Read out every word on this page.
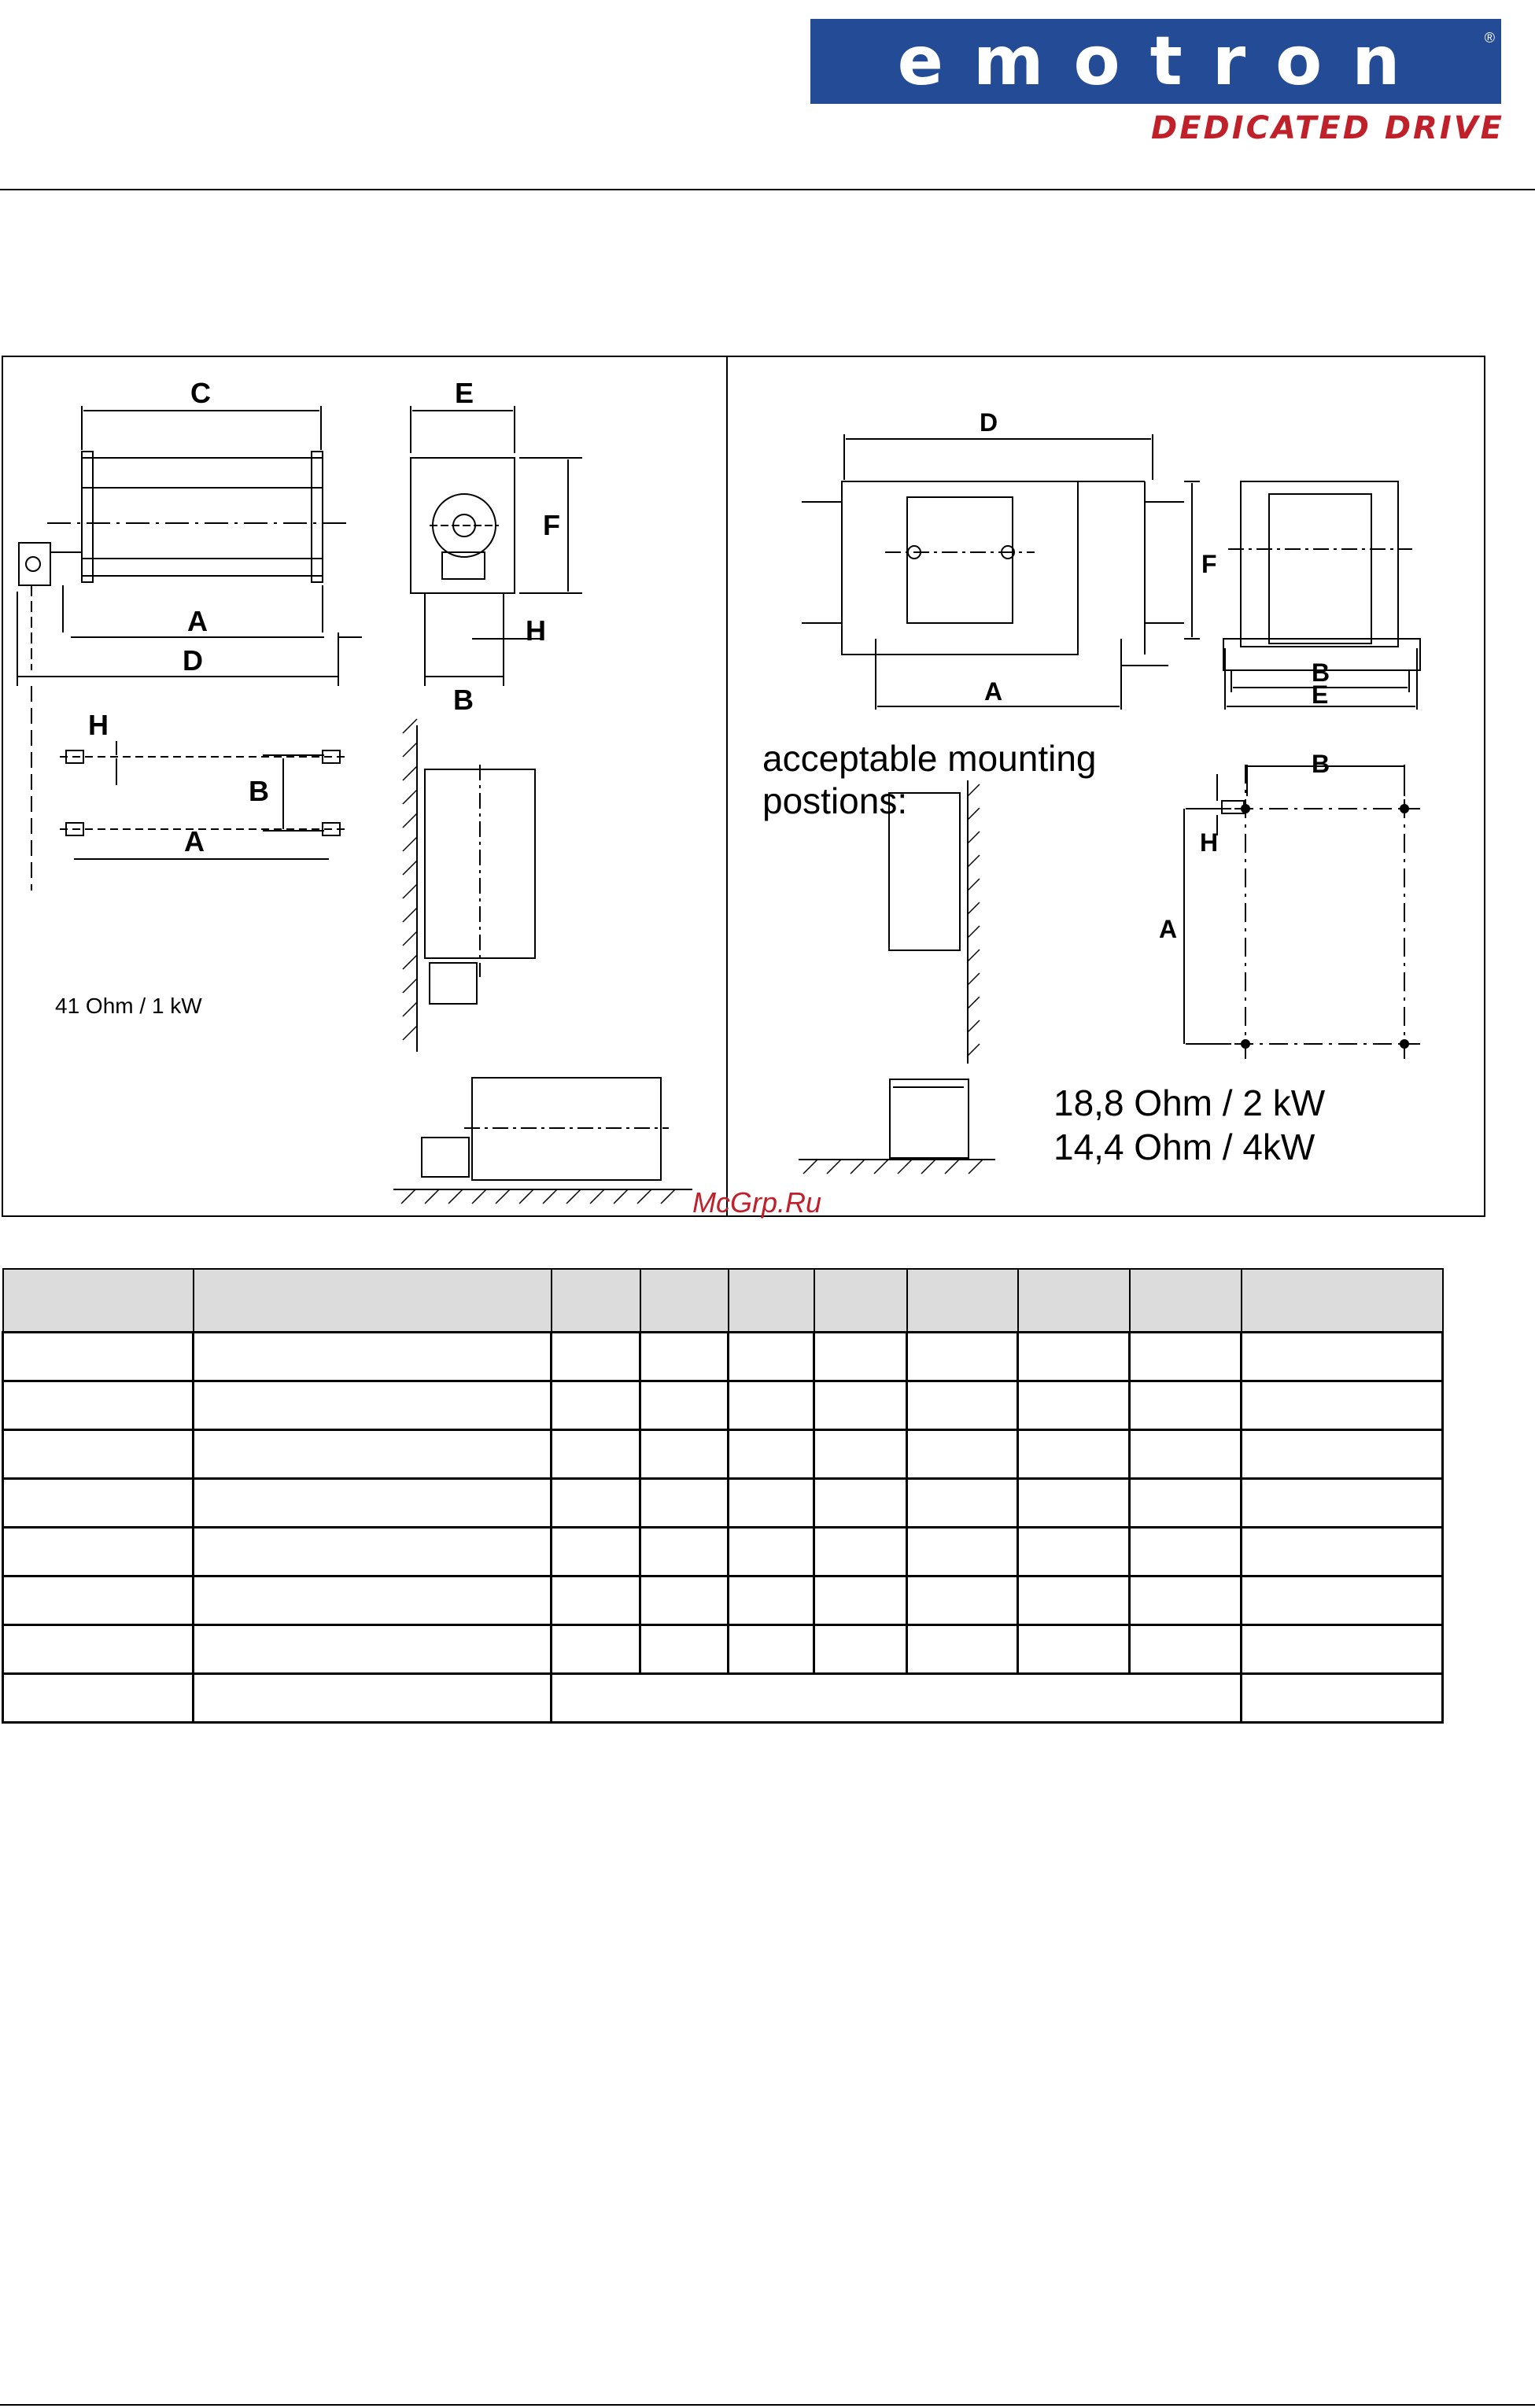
emotron	®
DEDICATED DRIVE
C	E
F
A
D
H
B
H
B
A
41 Ohm / 1 kW
D
F
A
B
E
B
H
A
acceptable mounting
postions:
18,8 Ohm / 2 kW
14,4 Ohm / 4kW
McGrp.Ru
